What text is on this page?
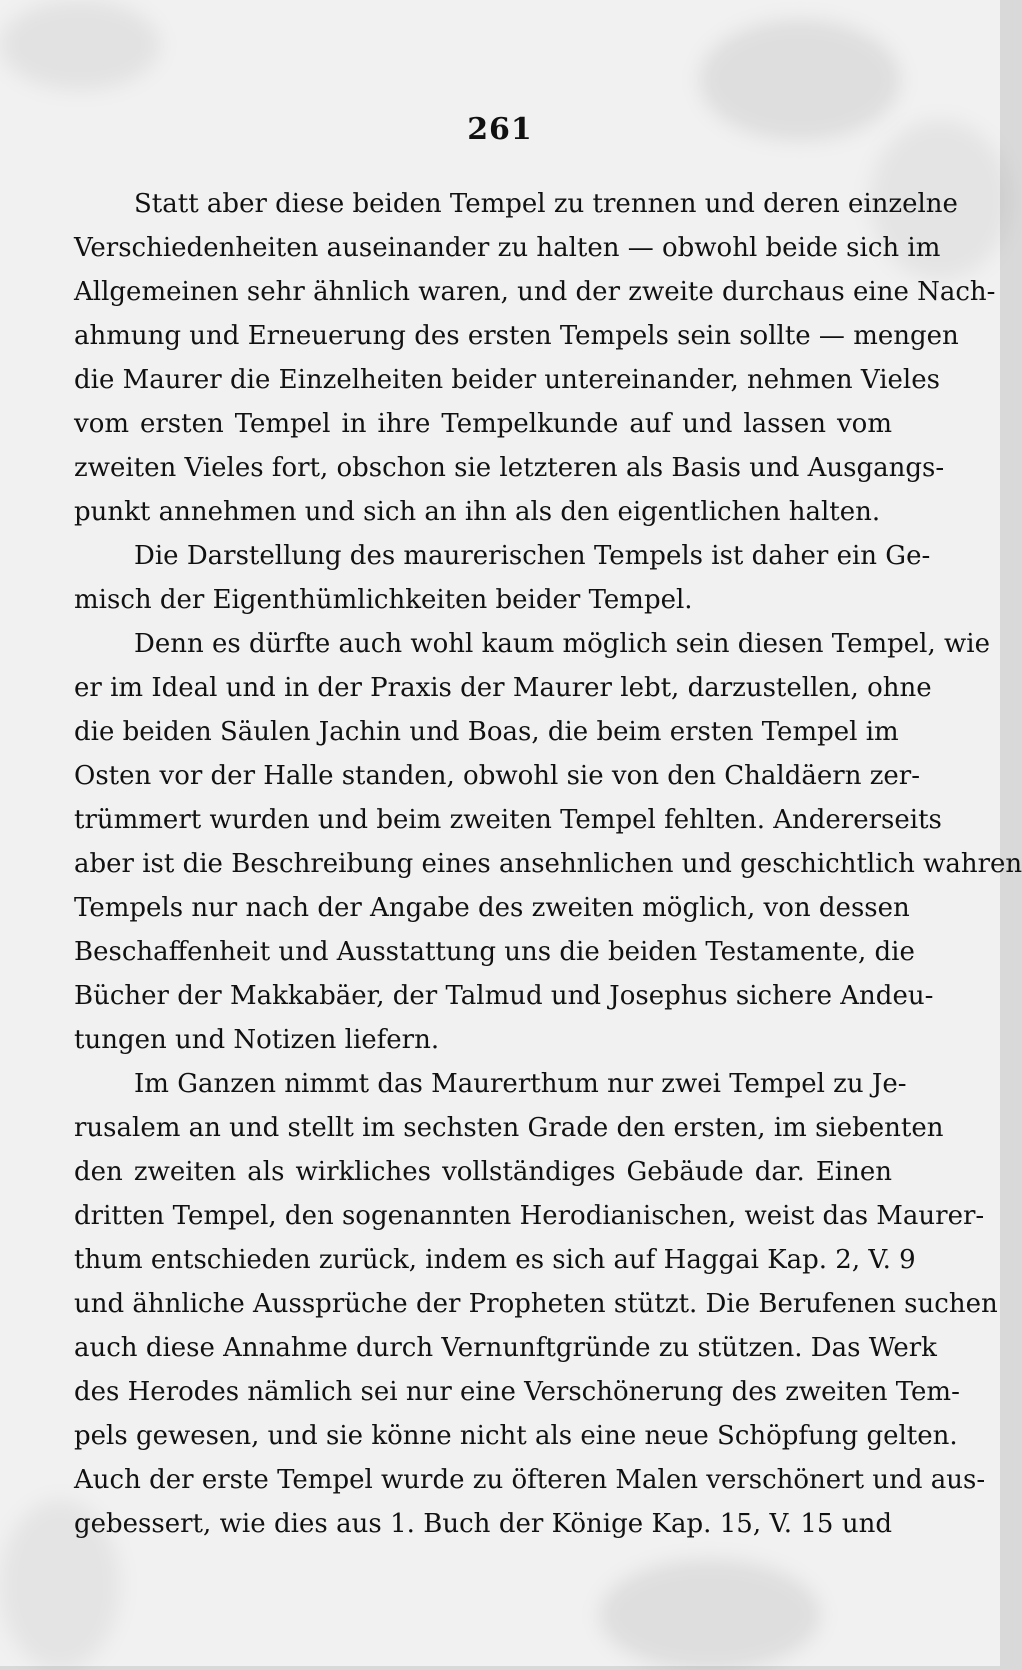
261
Statt aber diese beiden Tempel zu trennen und deren einzelne
Verschiedenheiten auseinander zu halten — obwohl beide sich im
Allgemeinen sehr ähnlich waren, und der zweite durchaus eine Nach-
ahmung und Erneuerung des ersten Tempels sein sollte — mengen
die Maurer die Einzelheiten beider untereinander, nehmen Vieles
vom ersten Tempel in ihre Tempelkunde auf und lassen vom
zweiten Vieles fort, obschon sie letzteren als Basis und Ausgangs-
punkt annehmen und sich an ihn als den eigentlichen halten.
Die Darstellung des maurerischen Tempels ist daher ein Ge-
misch der Eigenthümlichkeiten beider Tempel.
Denn es dürfte auch wohl kaum möglich sein diesen Tempel, wie
er im Ideal und in der Praxis der Maurer lebt, darzustellen, ohne
die beiden Säulen Jachin und Boas, die beim ersten Tempel im
Osten vor der Halle standen, obwohl sie von den Chaldäern zer-
trümmert wurden und beim zweiten Tempel fehlten. Andererseits
aber ist die Beschreibung eines ansehnlichen und geschichtlich wahren
Tempels nur nach der Angabe des zweiten möglich, von dessen
Beschaffenheit und Ausstattung uns die beiden Testamente, die
Bücher der Makkabäer, der Talmud und Josephus sichere Andeu-
tungen und Notizen liefern.
Im Ganzen nimmt das Maurerthum nur zwei Tempel zu Je-
rusalem an und stellt im sechsten Grade den ersten, im siebenten
den zweiten als wirkliches vollständiges Gebäude dar. Einen
dritten Tempel, den sogenannten Herodianischen, weist das Maurer-
thum entschieden zurück, indem es sich auf Haggai Kap. 2, V. 9
und ähnliche Aussprüche der Propheten stützt. Die Berufenen suchen
auch diese Annahme durch Vernunftgründe zu stützen. Das Werk
des Herodes nämlich sei nur eine Verschönerung des zweiten Tem-
pels gewesen, und sie könne nicht als eine neue Schöpfung gelten.
Auch der erste Tempel wurde zu öfteren Malen verschönert und aus-
gebessert, wie dies aus 1. Buch der Könige Kap. 15, V. 15 und
